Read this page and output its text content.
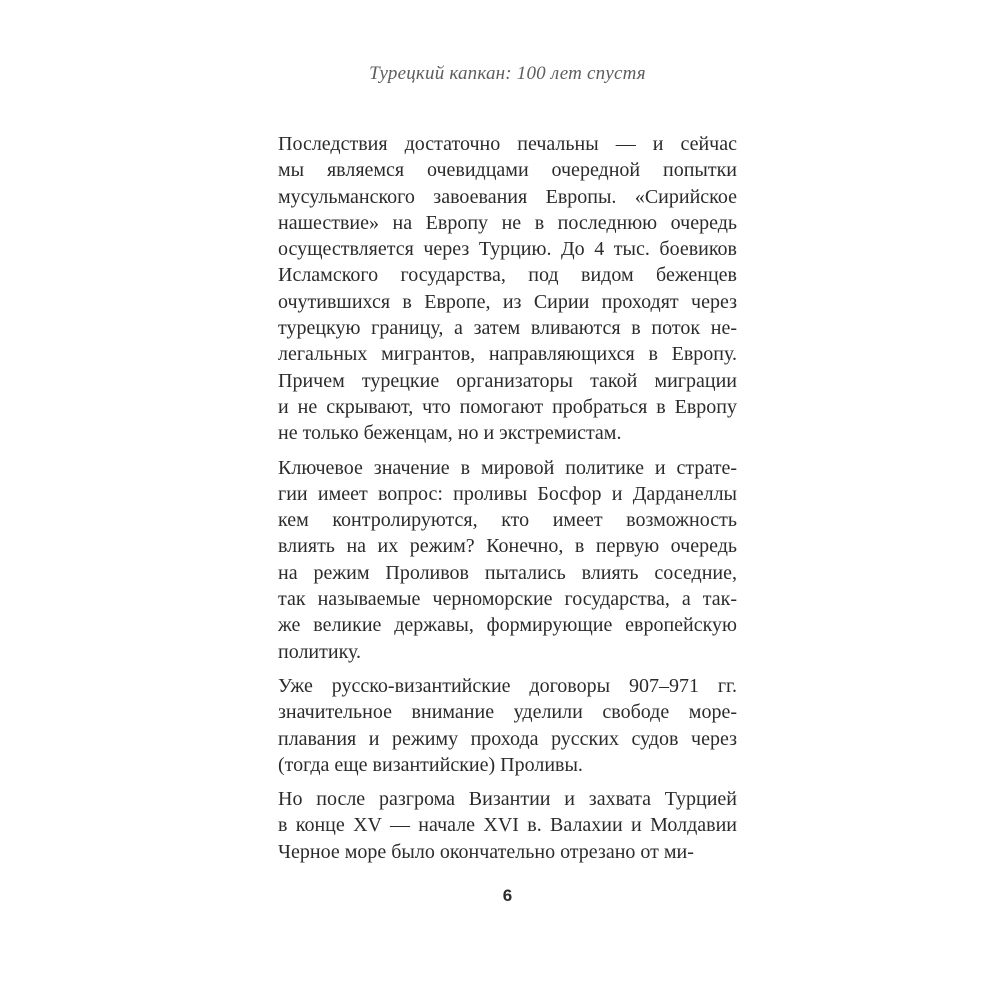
Турецкий капкан: 100 лет спустя
Последствия достаточно печальны — и сейчас
мы являемся очевидцами очередной попытки
мусульманского завоевания Европы. «Сирийское
нашествие» на Европу не в последнюю очередь
осуществляется через Турцию. До 4 тыс. боевиков
Исламского государства, под видом беженцев
очутившихся в Европе, из Сирии проходят через
турецкую границу, а затем вливаются в поток не-
легальных мигрантов, направляющихся в Европу.
Причем турецкие организаторы такой миграции
и не скрывают, что помогают пробраться в Европу
не только беженцам, но и экстремистам.
Ключевое значение в мировой политике и страте-
гии имеет вопрос: проливы Босфор и Дарданеллы
кем контролируются, кто имеет возможность
влиять на их режим? Конечно, в первую очередь
на режим Проливов пытались влиять соседние,
так называемые черноморские государства, а так-
же великие державы, формирующие европейскую
политику.
Уже русско-византийские договоры 907–971 гг.
значительное внимание уделили свободе море-
плавания и режиму прохода русских судов через
(тогда еще византийские) Проливы.
Но после разгрома Византии и захвата Турцией
в конце XV — начале XVI в. Валахии и Молдавии
Черное море было окончательно отрезано от ми-
6
